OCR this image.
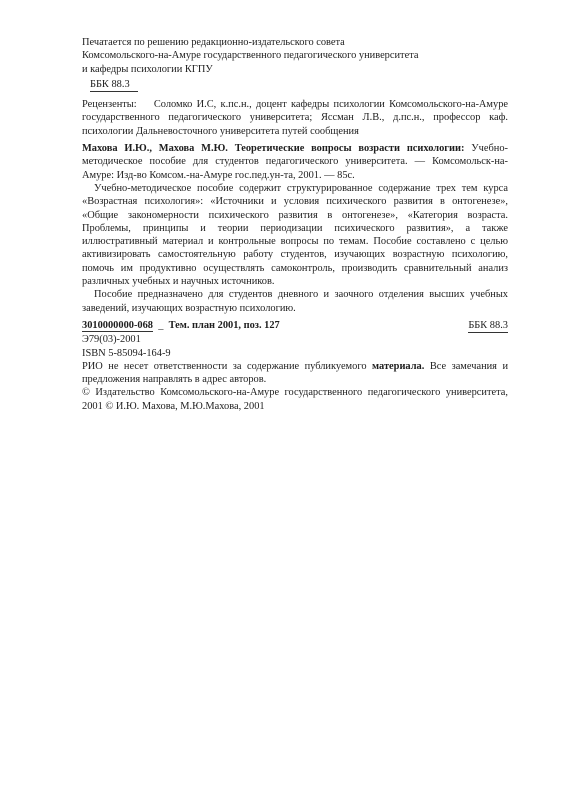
Печатается по решению редакционно-издательского совета

Комсомольского-на-Амуре государственного педагогического университета

и кафедры психологии КГПУ

ББК 88.3

Рецензенты: Соломко И.С, к.пс.н., доцент кафедры психологии Комсомольского-на-Амуре государственного педагогического университета; Яссман Л.В., д.пс.н., профессор каф. психологии Дальневосточного университета путей сообщения

Махова И.Ю., Махова М.Ю. Теоретические вопросы возрасти психологии: Учебно-методическое пособие для студентов педагогического университета. — Комсомольск-на-Амуре: Изд-во Комсом.-на-Амуре гос.пед.ун-та, 2001. — 85с.

Учебно-методическое пособие содержит структурированное содержание трех тем курса «Возрастная психология»: «Источники и условия психического развития в онтогенезе», «Общие закономерности психического развития в онтогенезе», «Категория возраста. Проблемы, принципы и теории периодизации психического развития», а также иллюстративный материал и контрольные вопросы по темам. Пособие составлено с целью активизировать самостоятельную работу студентов, изучающих возрастную психологию, помочь им продуктивно осуществлять самоконтроль, производить сравнительный анализ различных учебных и научных источников.

Пособие предназначено для студентов дневного и заочного отделения высших учебных заведений, изучающих возрастную психологию.

3010000000-068  _  Тем. план 2001, поз. 127	ББК 88.3

Э79(03)-2001

ISBN 5-85094-164-9

РИО не несет ответственности за содержание публикуемого материала. Все замечания и предложения направлять в адрес авторов.

© Издательство Комсомольского-на-Амуре государственного педагогического университета, 2001 © И.Ю. Махова, М.Ю.Махова, 2001
